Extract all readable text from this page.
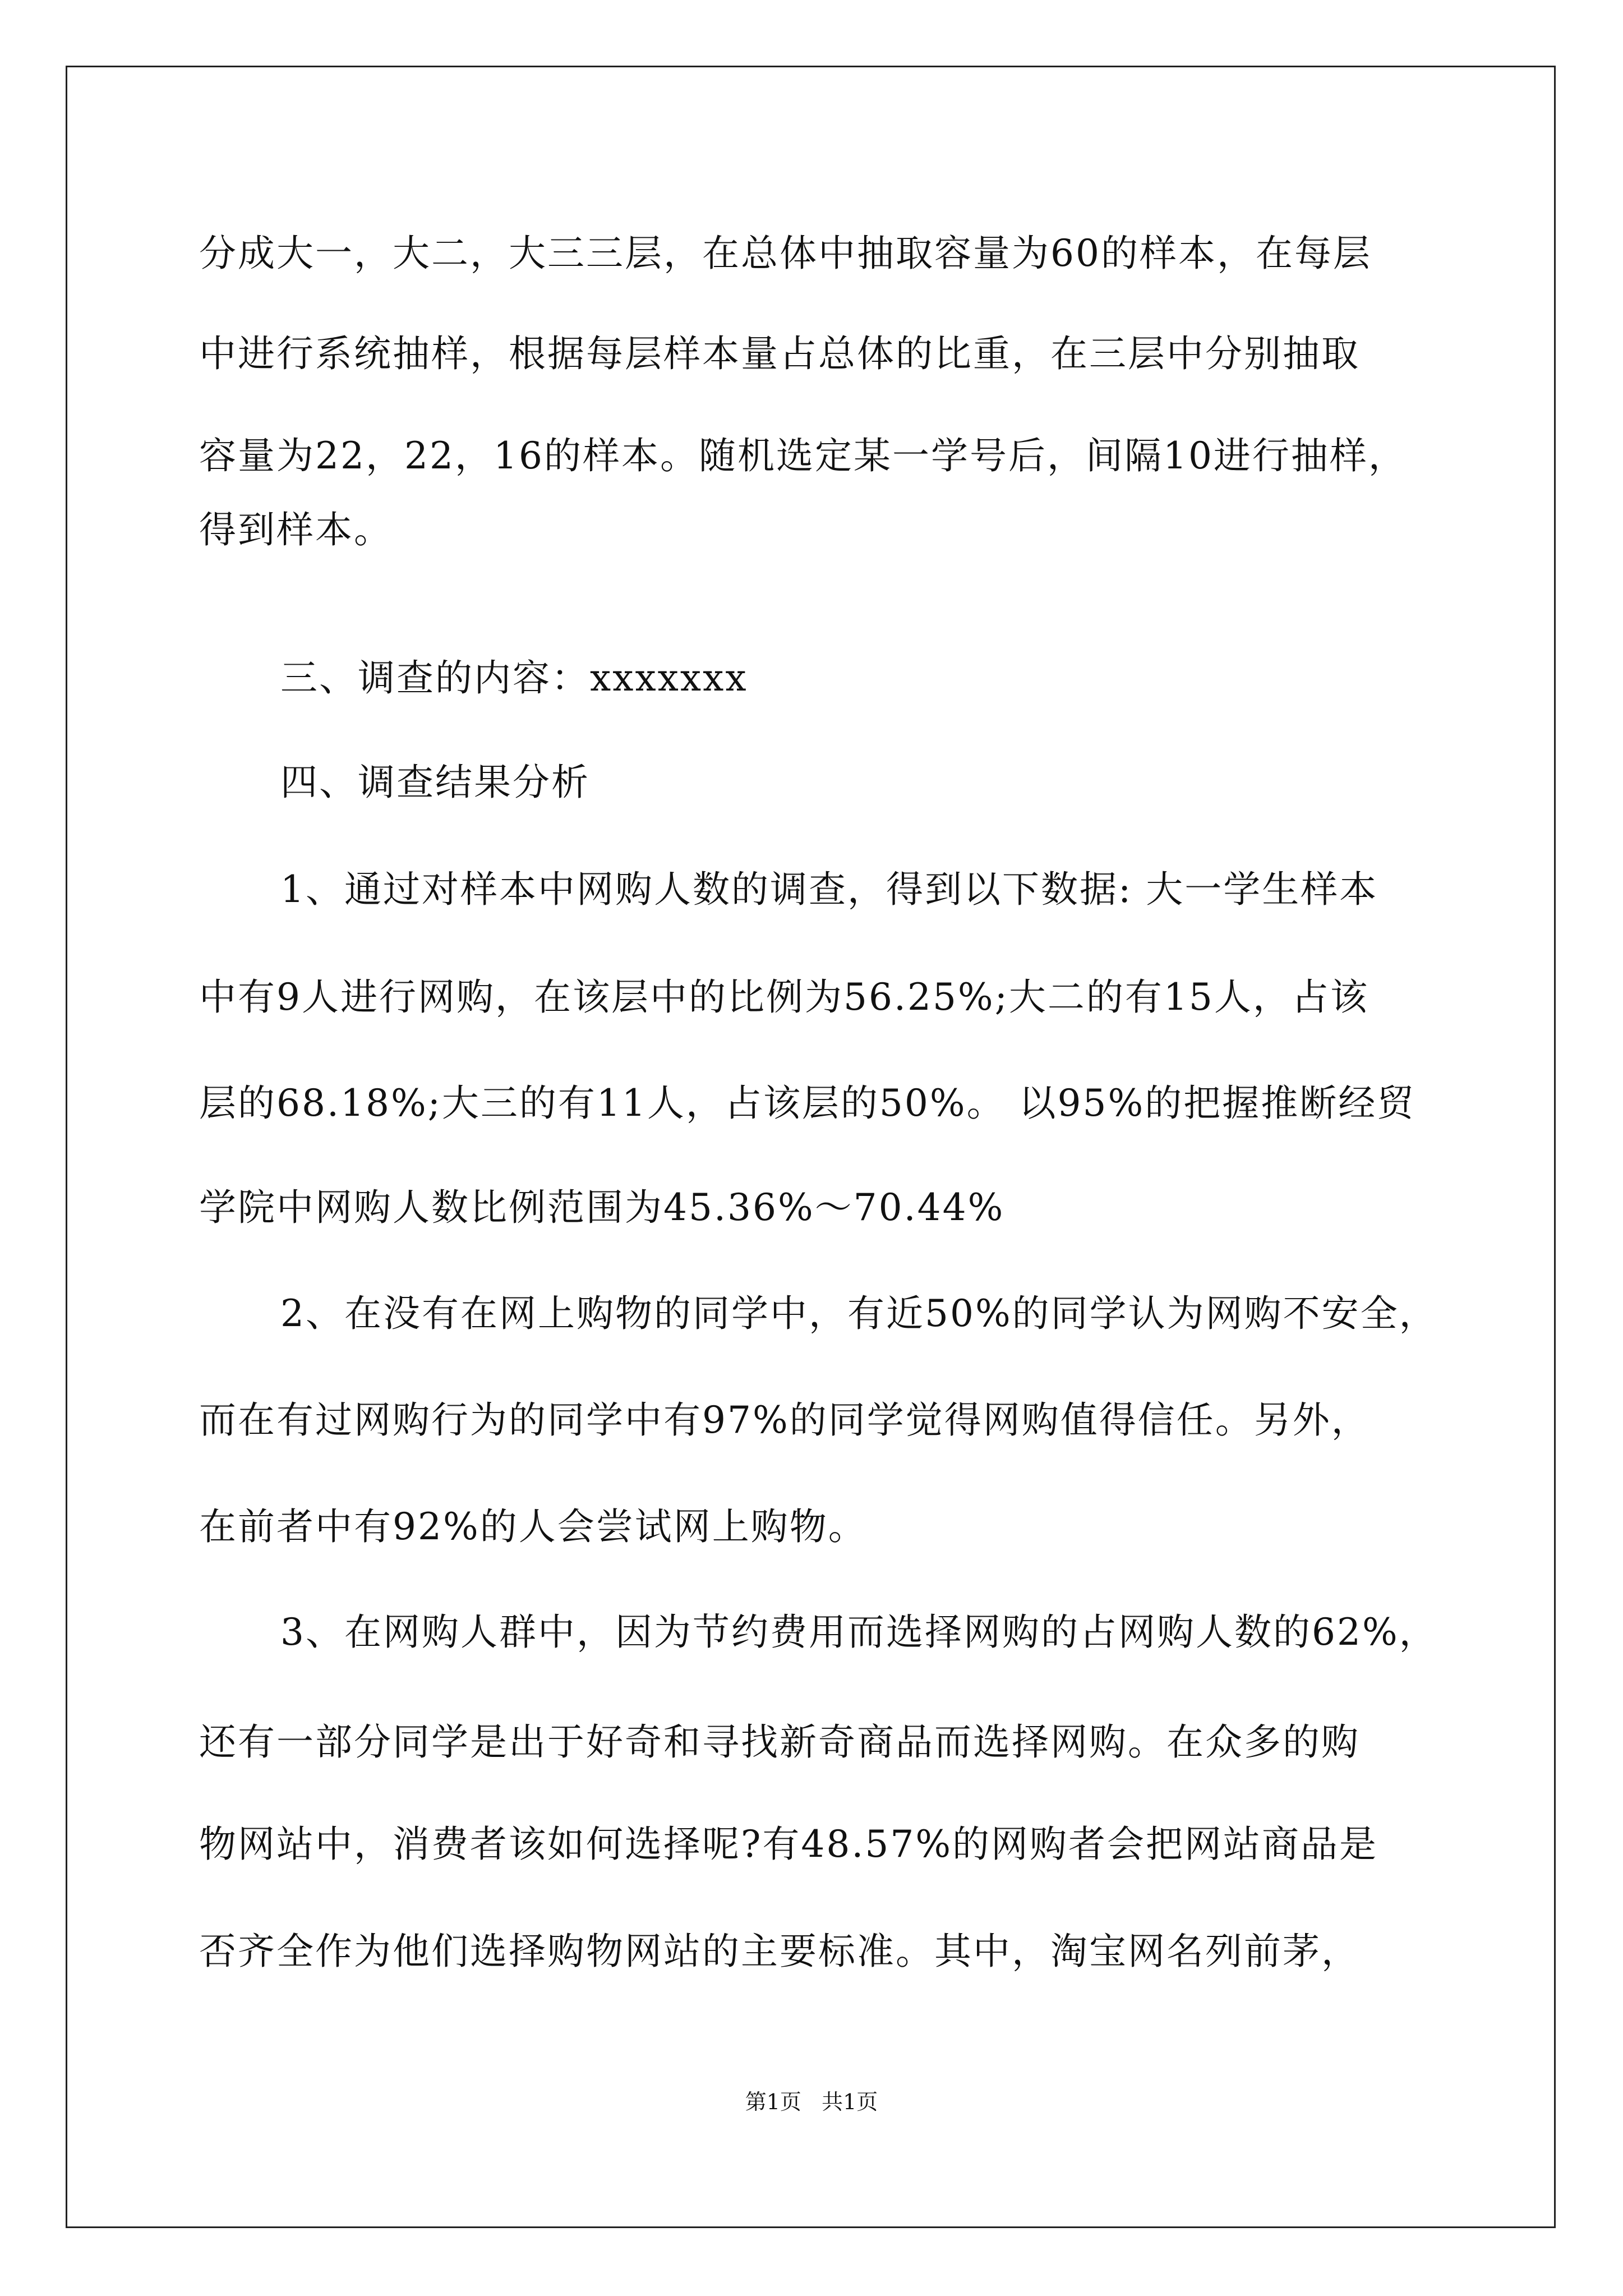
分成大一，大二，大三三层，在总体中抽取容量为60的样本，在每层
中进行系统抽样，根据每层样本量占总体的比重，在三层中分别抽取
容量为22，22，16的样本。随机选定某一学号后，间隔10进行抽样，
得到样本。
三、调查的内容：xxxxxxx
四、调查结果分析
1、通过对样本中网购人数的调查，得到以下数据: 大一学生样本
中有9人进行网购，在该层中的比例为56.25%;大二的有15人，占该
层的68.18%;大三的有11人，占该层的50%。 以95%的把握推断经贸
学院中网购人数比例范围为45.36%～70.44%
2、在没有在网上购物的同学中，有近50%的同学认为网购不安全，
而在有过网购行为的同学中有97%的同学觉得网购值得信任。另外，
在前者中有92%的人会尝试网上购物。
3、在网购人群中，因为节约费用而选择网购的占网购人数的62%，
还有一部分同学是出于好奇和寻找新奇商品而选择网购。在众多的购
物网站中，消费者该如何选择呢?有48.57%的网购者会把网站商品是
否齐全作为他们选择购物网站的主要标准。其中，淘宝网名列前茅，
第1页   共1页
